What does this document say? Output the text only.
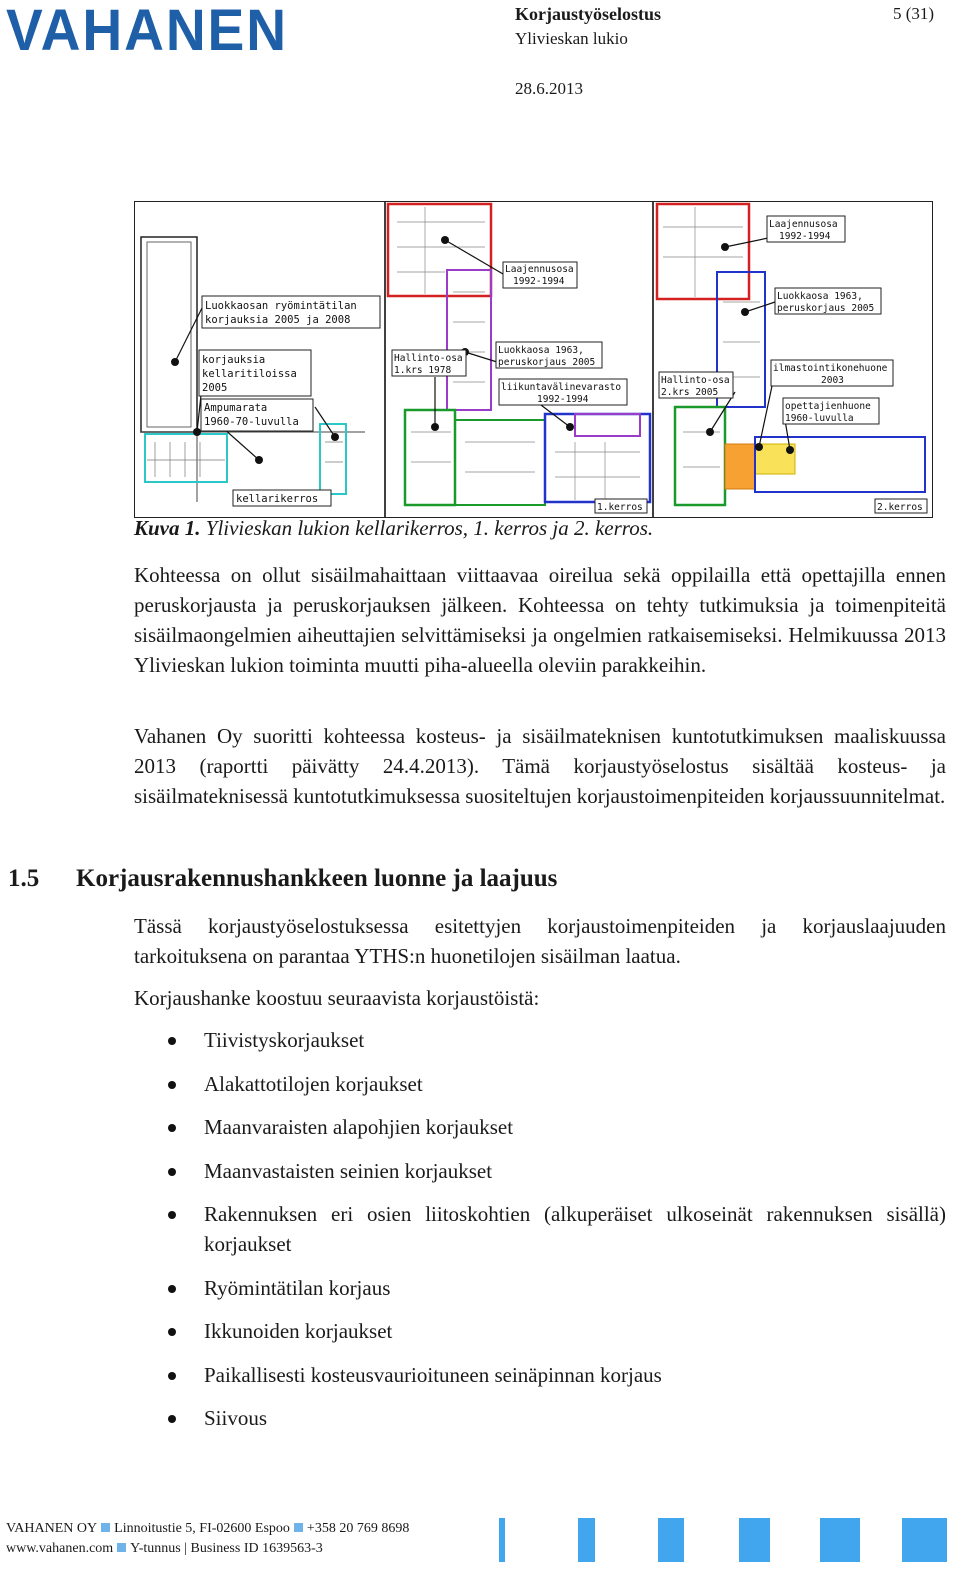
VAHANEN	Korjaustyöselostus
Ylivieskan lukio
28.6.2013
5 (31)
Luokkaosan ryömintätilan
korjauksia 2005 ja 2008
korjauksia
kellaritiloissa
2005
Ampumarata
1960-70-luvulla
kellarikerros
Laajennusosa
1992-1994
Hallinto-osa
1.krs 1978
Luokkaosa 1963,
peruskorjaus 2005
liikuntavälinevarasto
1992-1994
1.kerros
Laajennusosa
1992-1994
Luokkaosa 1963,
peruskorjaus 2005
ilmastointikonehuone
2003
Hallinto-osa
2.krs 2005
opettajienhuone
1960-luvulla
2.kerros
Kuva 1. Ylivieskan lukion kellarikerros, 1. kerros ja 2. kerros.
Kohteessa on ollut sisäilmahaittaan viittaavaa oireilua sekä oppilailla että opettajilla ennen peruskorjausta ja peruskorjauksen jälkeen. Kohteessa on tehty tutkimuksia ja toimenpiteitä sisäilmaongelmien aiheuttajien selvittämiseksi ja ongelmien ratkaisemiseksi. Helmikuussa 2013 Ylivieskan lukion toiminta muutti piha-alueella oleviin parakkeihin.
Vahanen Oy suoritti kohteessa kosteus- ja sisäilmateknisen kuntotutkimuksen maaliskuussa 2013 (raportti päivätty 24.4.2013). Tämä korjaustyöselostus sisältää kosteus- ja sisäilmateknisessä kuntotutkimuksessa suositeltujen korjaustoimenpiteiden korjaussuunnitelmat.
1.5 Korjausrakennushankkeen luonne ja laajuus
Tässä korjaustyöselostuksessa esitettyjen korjaustoimenpiteiden ja korjauslaajuuden tarkoituksena on parantaa YTHS:n huonetilojen sisäilman laatua.
Korjaushanke koostuu seuraavista korjaustöistä:
Tiivistyskorjaukset
Alakattotilojen korjaukset
Maanvaraisten alapohjien korjaukset
Maanvastaisten seinien korjaukset
Rakennuksen eri osien liitoskohtien (alkuperäiset ulkoseinät rakennuksen sisällä) korjaukset
Ryömintätilan korjaus
Ikkunoiden korjaukset
Paikallisesti kosteusvaurioituneen seinäpinnan korjaus
Siivous
VAHANEN OY Linnoitustie 5, FI-02600 Espoo +358 20 769 8698
www.vahanen.com Y-tunnus | Business ID 1639563-3
